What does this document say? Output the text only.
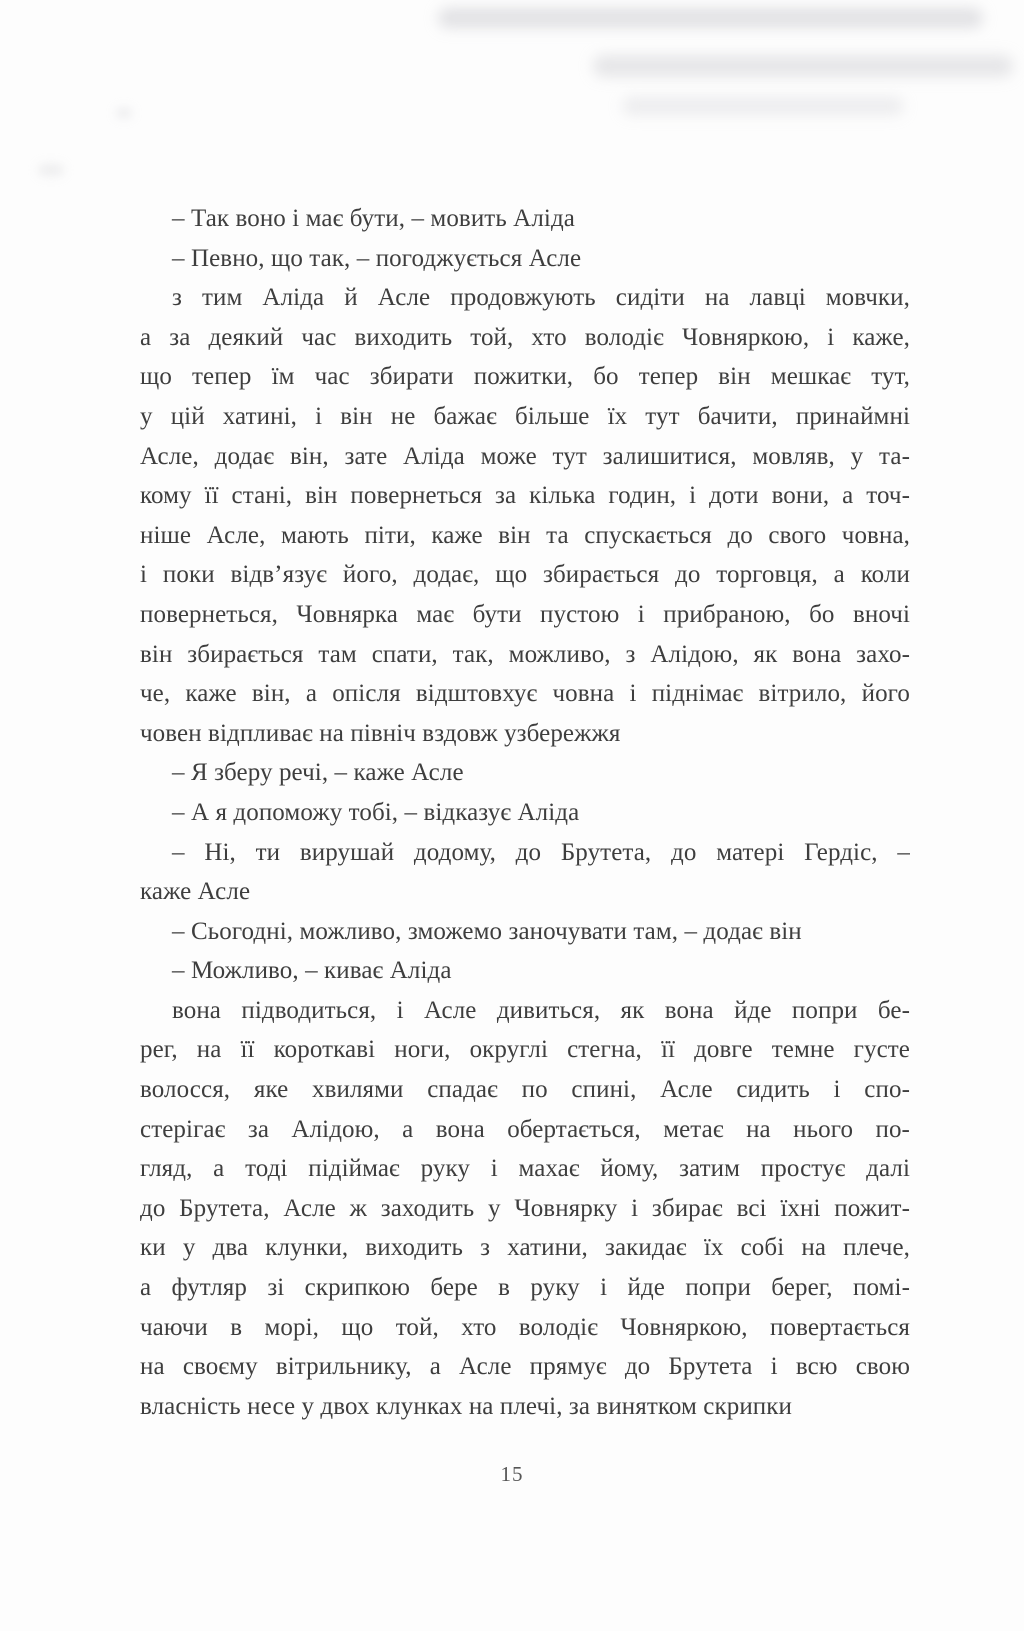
– Так воно і має бути, – мовить Аліда
– Певно, що так, – погоджується Асле
з тим Аліда й Асле продовжують сидіти на лавці мовчки,
а за деякий час виходить той, хто володіє Човняркою, і каже,
що тепер їм час збирати пожитки, бо тепер він мешкає тут,
у цій хатині, і він не бажає більше їх тут бачити, принаймні
Асле, додає він, зате Аліда може тут залишитися, мовляв, у та-
кому її стані, він повернеться за кілька годин, і доти вони, а точ-
ніше Асле, мають піти, каже він та спускається до свого човна,
і поки відв’язує його, додає, що збирається до торговця, а коли
повернеться, Човнярка має бути пустою і прибраною, бо вночі
він збирається там спати, так, можливо, з Алідою, як вона захо-
че, каже він, а опісля відштовхує човна і піднімає вітрило, його
човен відпливає на північ вздовж узбережжя
– Я зберу речі, – каже Асле
– А я допоможу тобі, – відказує Аліда
– Ні, ти вирушай додому, до Брутета, до матері Гердіс, –
каже Асле
– Сьогодні, можливо, зможемо заночувати там, – додає він
– Можливо, – киває Аліда
вона підводиться, і Асле дивиться, як вона йде попри бе-
рег, на її короткаві ноги, округлі стегна, її довге темне густе
волосся, яке хвилями спадає по спині, Асле сидить і спо-
стерігає за Алідою, а вона обертається, метає на нього по-
гляд, а тоді підіймає руку і махає йому, затим простує далі
до Брутета, Асле ж заходить у Човнярку і збирає всі їхні пожит-
ки у два клунки, виходить з хатини, закидає їх собі на плече,
а футляр зі скрипкою бере в руку і йде попри берег, помі-
чаючи в морі, що той, хто володіє Човняркою, повертається
на своєму вітрильнику, а Асле прямує до Брутета і всю свою
власність несе у двох клунках на плечі, за винятком скрипки
15
